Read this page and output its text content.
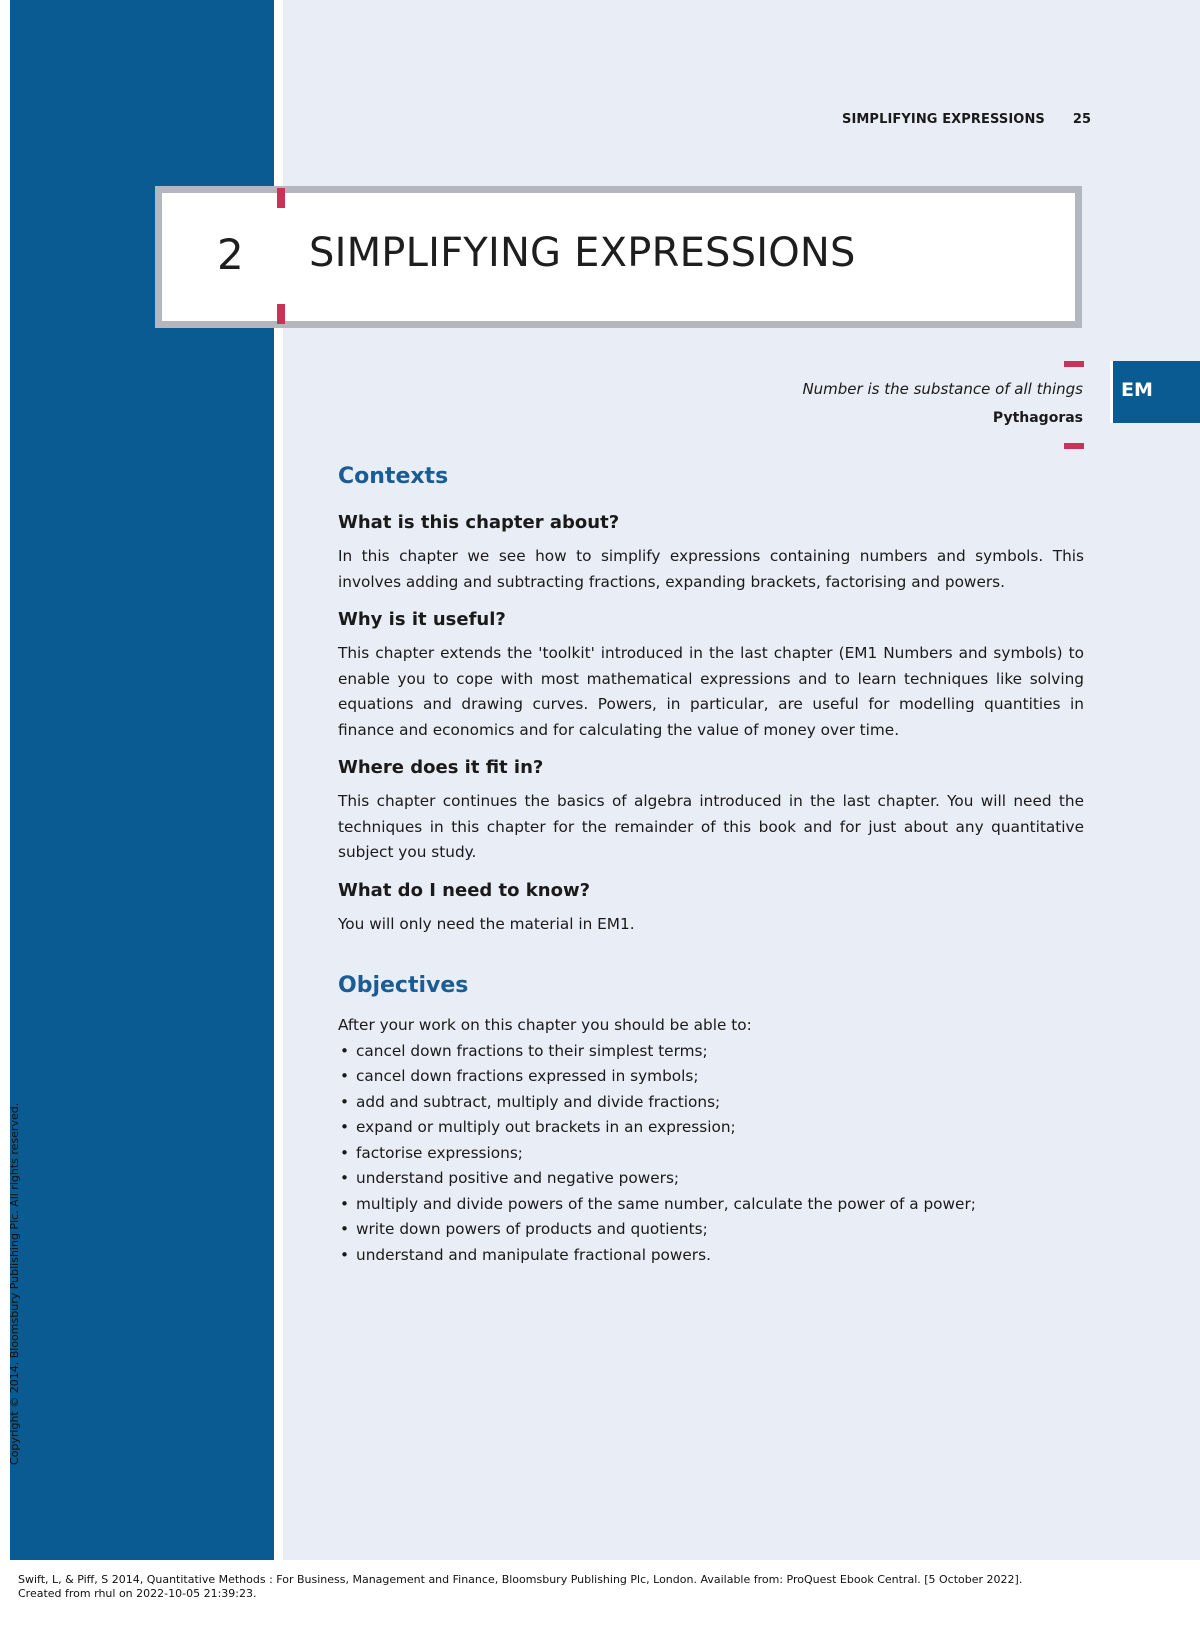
SIMPLIFYING EXPRESSIONS 25
2 SIMPLIFYING EXPRESSIONS
Number is the substance of all things
Pythagoras
EM
Contexts
What is this chapter about?

In this chapter we see how to simplify expressions containing numbers and symbols. This involves adding and subtracting fractions, expanding brackets, factorising and powers.

Why is it useful?

This chapter extends the 'toolkit' introduced in the last chapter (EM1 Numbers and symbols) to enable you to cope with most mathematical expressions and to learn techniques like solving equations and drawing curves. Powers, in particular, are useful for modelling quantities in finance and economics and for calculating the value of money over time.

Where does it fit in?

This chapter continues the basics of algebra introduced in the last chapter. You will need the techniques in this chapter for the remainder of this book and for just about any quantitative subject you study.

What do I need to know?

You will only need the material in EM1.

Objectives

After your work on this chapter you should be able to:

• cancel down fractions to their simplest terms;
• cancel down fractions expressed in symbols;
• add and subtract, multiply and divide fractions;
• expand or multiply out brackets in an expression;
• factorise expressions;
• understand positive and negative powers;
• multiply and divide powers of the same number, calculate the power of a power;
• write down powers of products and quotients;
• understand and manipulate fractional powers.
Copyright © 2014. Bloomsbury Publishing Plc. All rights reserved.
Swift, L, & Piff, S 2014, Quantitative Methods : For Business, Management and Finance, Bloomsbury Publishing Plc, London. Available from: ProQuest Ebook Central. [5 October 2022].
Created from rhul on 2022-10-05 21:39:23.
